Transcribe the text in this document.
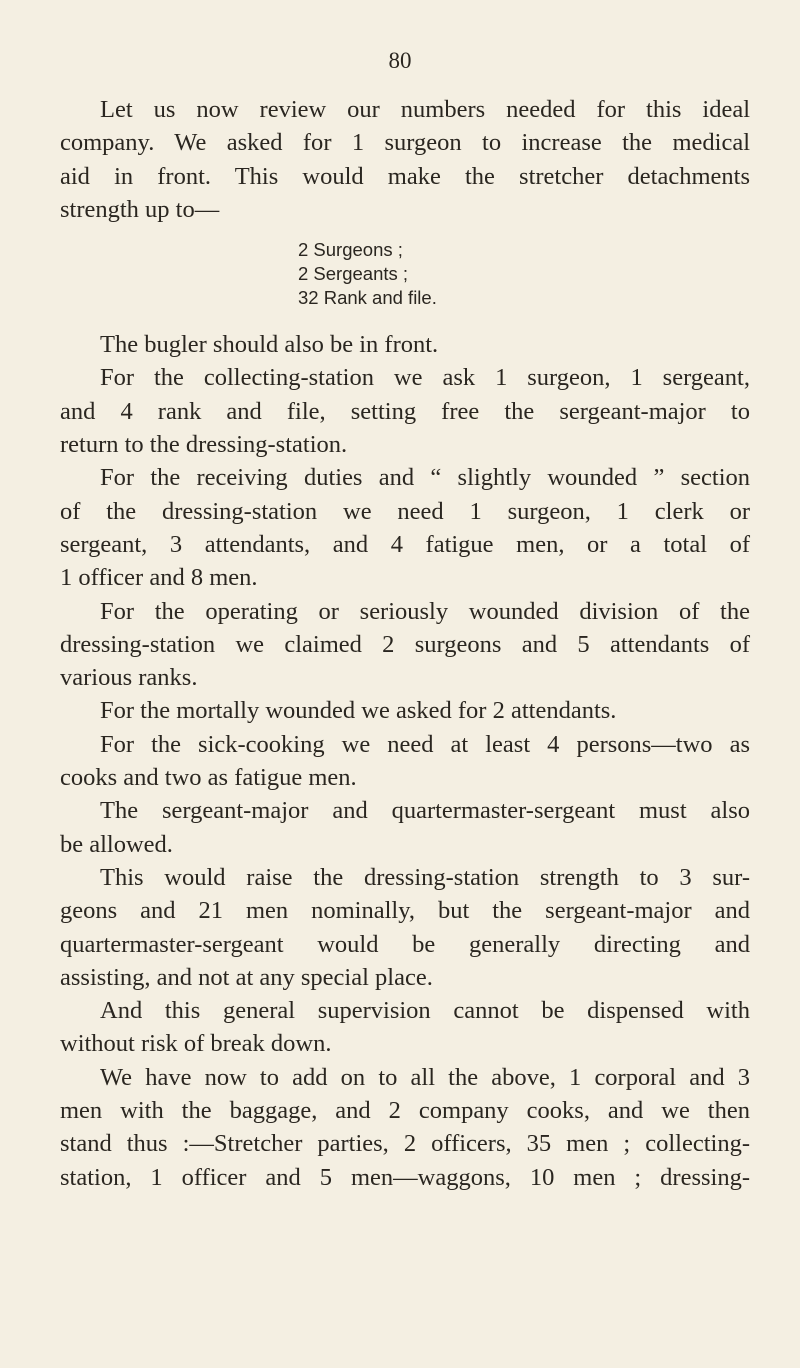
80
Let us now review our numbers needed for this ideal
company. We asked for 1 surgeon to increase the medical
aid in front. This would make the stretcher detachments
strength up to—
2 Surgeons ;
2 Sergeants ;
32 Rank and file.
The bugler should also be in front.
For the collecting-station we ask 1 surgeon, 1 sergeant,
and 4 rank and file, setting free the sergeant-major to
return to the dressing-station.
For the receiving duties and “ slightly wounded ” section
of the dressing-station we need 1 surgeon, 1 clerk or
sergeant, 3 attendants, and 4 fatigue men, or a total of
1 officer and 8 men.
For the operating or seriously wounded division of the
dressing-station we claimed 2 surgeons and 5 attendants of
various ranks.
For the mortally wounded we asked for 2 attendants.
For the sick-cooking we need at least 4 persons—two as
cooks and two as fatigue men.
The sergeant-major and quartermaster-sergeant must also
be allowed.
This would raise the dressing-station strength to 3 sur-
geons and 21 men nominally, but the sergeant-major and
quartermaster-sergeant would be generally directing and
assisting, and not at any special place.
And this general supervision cannot be dispensed with
without risk of break down.
We have now to add on to all the above, 1 corporal and 3
men with the baggage, and 2 company cooks, and we then
stand thus :—Stretcher parties, 2 officers, 35 men ; collecting-
station, 1 officer and 5 men—waggons, 10 men ; dressing-
